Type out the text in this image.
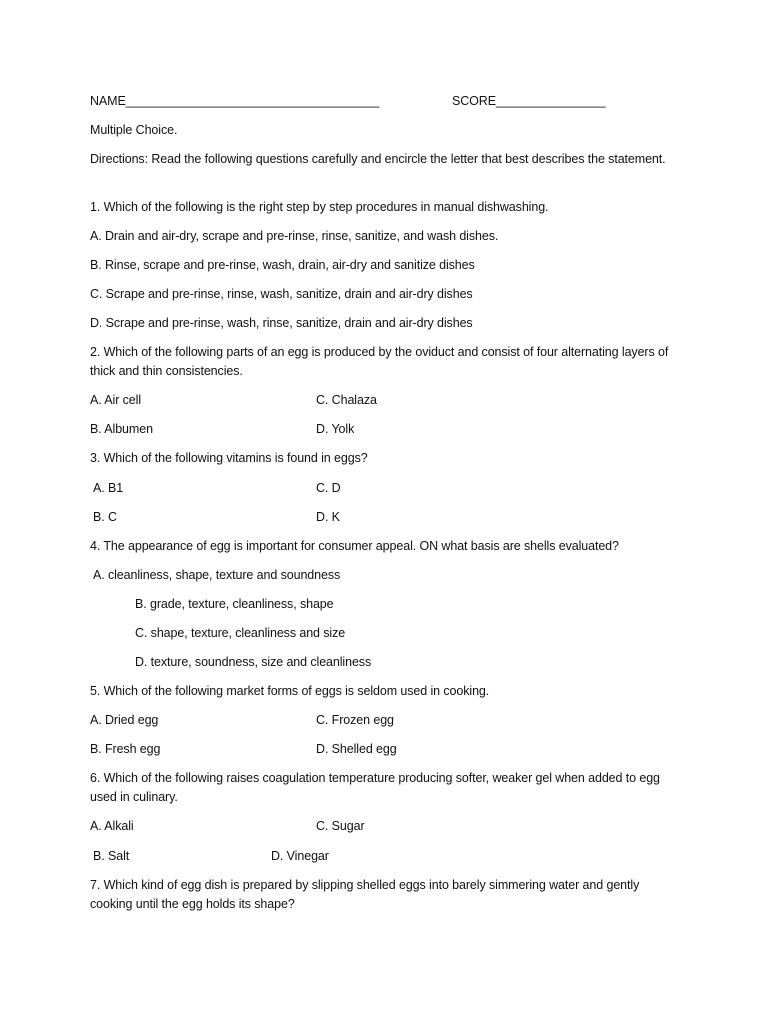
NAME_____________________________________	SCORE________________
Multiple Choice.
Directions: Read the following questions carefully and encircle the letter that best describes the statement.
1. Which of the following is the right step by step procedures in manual dishwashing.
A. Drain and air-dry, scrape and pre-rinse, rinse, sanitize, and wash dishes.
B. Rinse, scrape and pre-rinse, wash, drain, air-dry and sanitize dishes
C. Scrape and pre-rinse, rinse, wash, sanitize, drain and air-dry dishes
D. Scrape and pre-rinse, wash, rinse, sanitize, drain and air-dry dishes
2. Which of the following parts of an egg is produced by the oviduct and consist of four alternating layers of thick and thin consistencies.
A. Air cell	C. Chalaza
B. Albumen	D. Yolk
3. Which of the following vitamins is found in eggs?
A. B1	C. D
B. C	D. K
4. The appearance of egg is important for consumer appeal. ON what basis are shells evaluated?
A. cleanliness, shape, texture and soundness
B. grade, texture, cleanliness, shape
C. shape, texture, cleanliness and size
D. texture, soundness, size and cleanliness
5. Which of the following market forms of eggs is seldom used in cooking.
A. Dried egg	C. Frozen egg
B. Fresh egg	D. Shelled egg
6. Which of the following raises coagulation temperature producing softer, weaker gel when added to egg used in culinary.
A. Alkali	C. Sugar
B. Salt	D. Vinegar
7. Which kind of egg dish is prepared by slipping shelled eggs into barely simmering water and gently cooking until the egg holds its shape?
